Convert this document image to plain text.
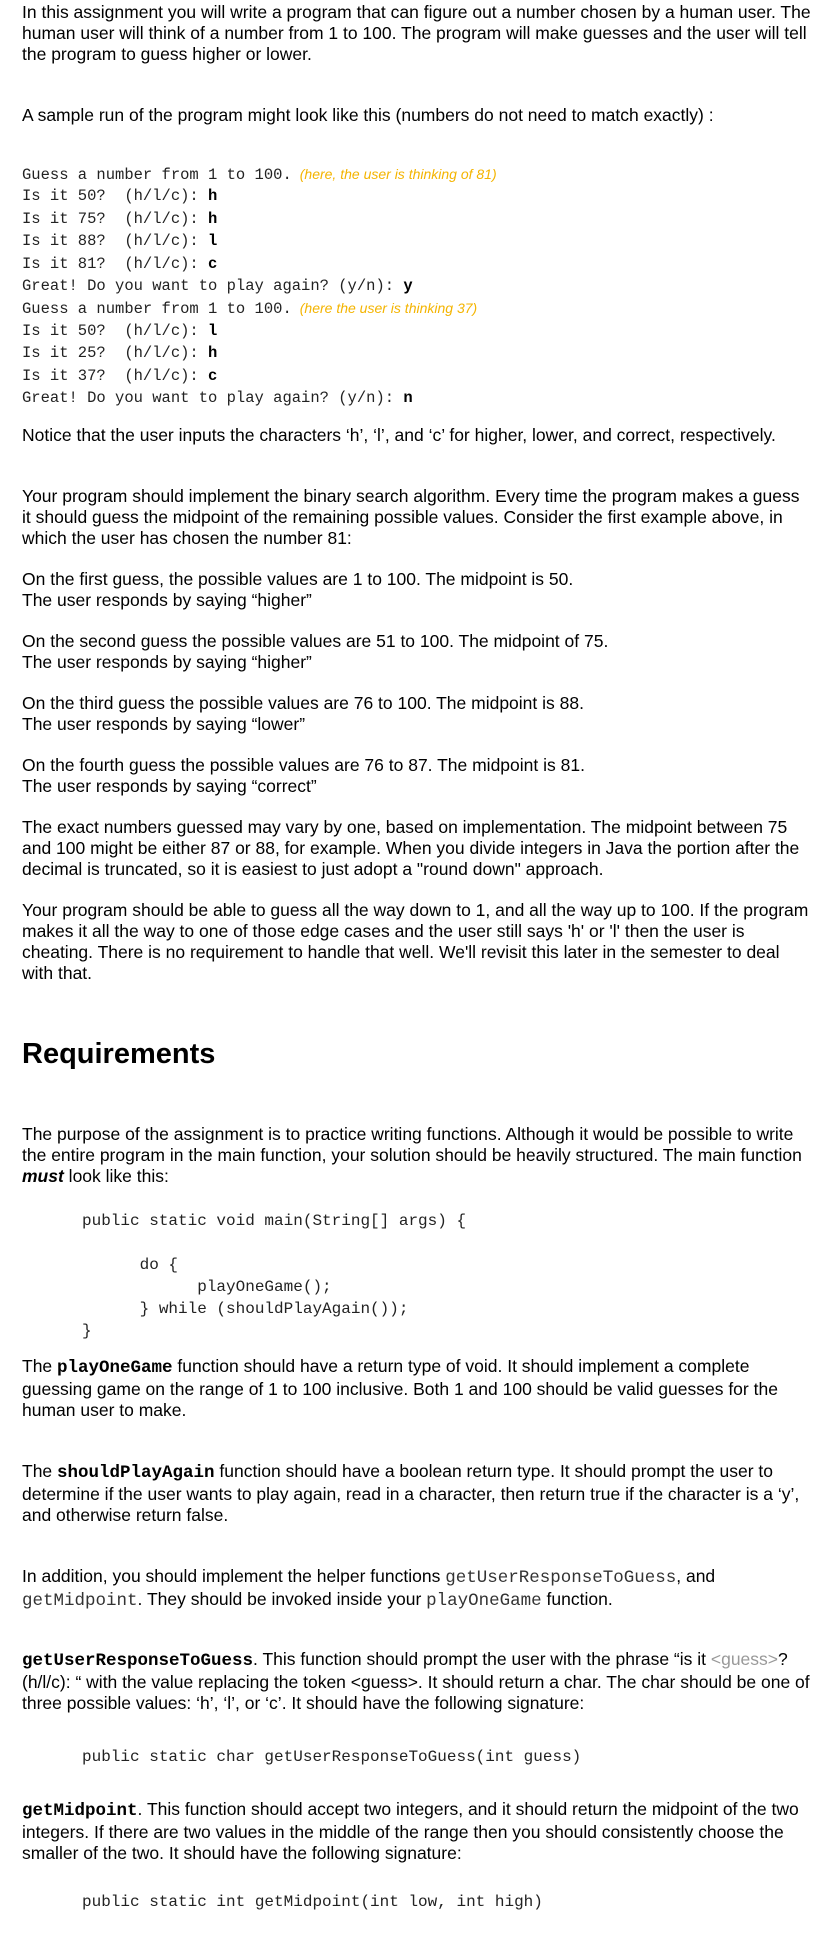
In this assignment you will write a program that can figure out a number chosen by a human user. The human user will think of a number from 1 to 100. The program will make guesses and the user will tell the program to guess higher or lower.

A sample run of the program might look like this (numbers do not need to match exactly) :

Guess a number from 1 to 100. (here, the user is thinking of 81)
Is it 50?  (h/l/c): h
Is it 75?  (h/l/c): h
Is it 88?  (h/l/c): l
Is it 81?  (h/l/c): c
Great! Do you want to play again? (y/n): y
Guess a number from 1 to 100. (here the user is thinking 37)
Is it 50?  (h/l/c): l
Is it 25?  (h/l/c): h
Is it 37?  (h/l/c): c
Great! Do you want to play again? (y/n): n

Notice that the user inputs the characters ‘h’, ‘l’, and ‘c’ for higher, lower, and correct, respectively.

Your program should implement the binary search algorithm. Every time the program makes a guess it should guess the midpoint of the remaining possible values. Consider the first example above, in which the user has chosen the number 81:

On the first guess, the possible values are 1 to 100. The midpoint is 50.
The user responds by saying “higher”

On the second guess the possible values are 51 to 100. The midpoint of 75.
The user responds by saying “higher”

On the third guess the possible values are 76 to 100. The midpoint is 88.
The user responds by saying “lower”

On the fourth guess the possible values are 76 to 87. The midpoint is 81.
The user responds by saying “correct”

The exact numbers guessed may vary by one, based on implementation. The midpoint between 75 and 100 might be either 87 or 88, for example. When you divide integers in Java the portion after the decimal is truncated, so it is easiest to just adopt a "round down" approach.

Your program should be able to guess all the way down to 1, and all the way up to 100. If the program makes it all the way to one of those edge cases and the user still says 'h' or 'l' then the user is cheating. There is no requirement to handle that well. We'll revisit this later in the semester to deal with that.

Requirements

The purpose of the assignment is to practice writing functions. Although it would be possible to write the entire program in the main function, your solution should be heavily structured. The main function must look like this:

public static void main(String[] args) {
do {
playOneGame();
} while (shouldPlayAgain());
}

The playOneGame function should have a return type of void. It should implement a complete guessing game on the range of 1 to 100 inclusive. Both 1 and 100 should be valid guesses for the human user to make.

The shouldPlayAgain function should have a boolean return type. It should prompt the user to determine if the user wants to play again, read in a character, then return true if the character is a ‘y’, and otherwise return false.

In addition, you should implement the helper functions getUserResponseToGuess, and getMidpoint. They should be invoked inside your playOneGame function.

getUserResponseToGuess. This function should prompt the user with the phrase “is it <guess>? (h/l/c): “ with the value replacing the token <guess>. It should return a char. The char should be one of three possible values: ‘h’, ‘l’, or ‘c’. It should have the following signature:

public static char getUserResponseToGuess(int guess)

getMidpoint. This function should accept two integers, and it should return the midpoint of the two integers. If there are two values in the middle of the range then you should consistently choose the smaller of the two. It should have the following signature:

public static int getMidpoint(int low, int high)
